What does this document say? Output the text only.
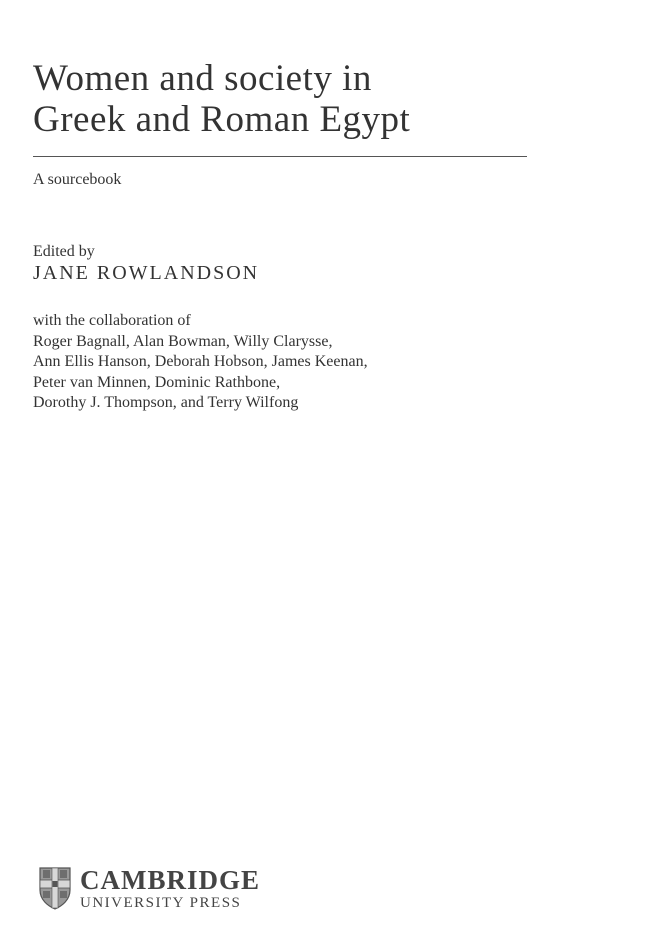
Women and society in
Greek and Roman Egypt
A sourcebook
Edited by
JANE ROWLANDSON
with the collaboration of
Roger Bagnall, Alan Bowman, Willy Clarysse,
Ann Ellis Hanson, Deborah Hobson, James Keenan,
Peter van Minnen, Dominic Rathbone,
Dorothy J. Thompson, and Terry Wilfong
CAMBRIDGE
UNIVERSITY PRESS
